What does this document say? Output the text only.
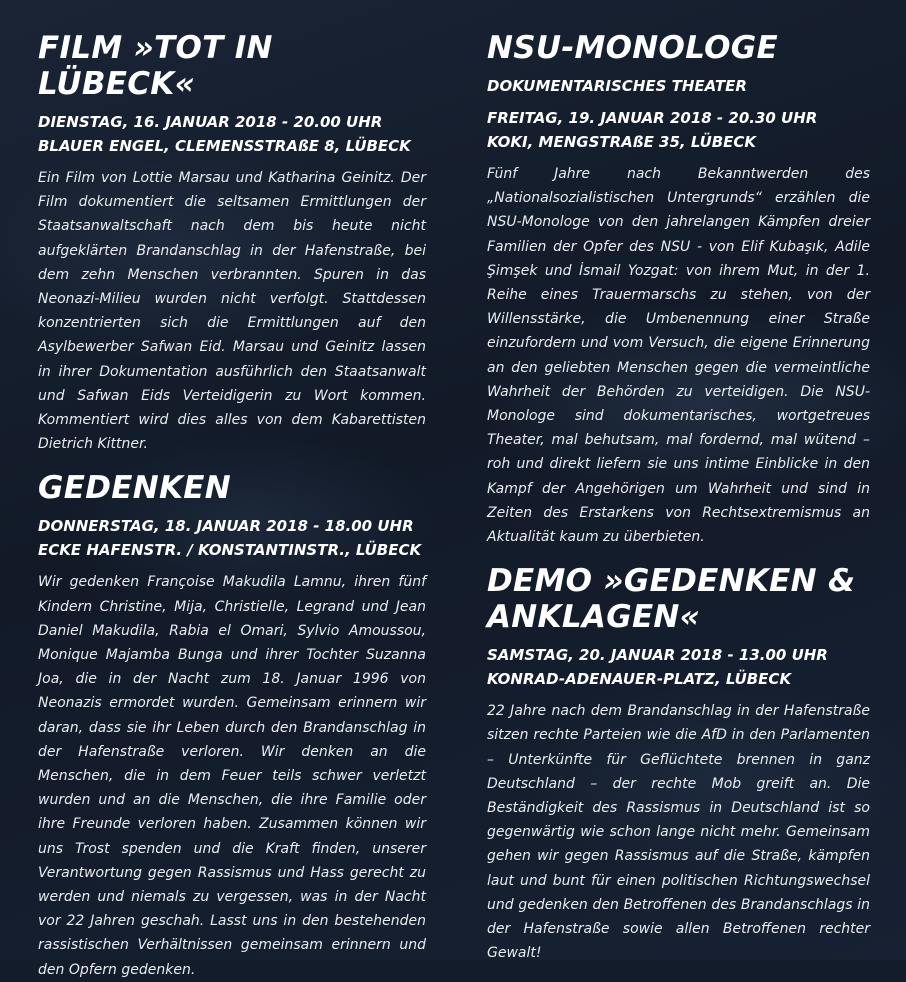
FILM »TOT IN LÜBECK«

DIENSTAG, 16. JANUAR 2018 - 20.00 UHR

BLAUER ENGEL, CLEMENSSTRAßE 8, LÜBECK

Ein Film von Lottie Marsau und Katharina Geinitz. Der Film dokumentiert die seltsamen Ermittlungen der Staatsanwaltschaft nach dem bis heute nicht aufgeklärten Brandanschlag in der Hafenstraße, bei dem zehn Menschen verbrannten. Spuren in das Neonazi-Milieu wurden nicht verfolgt. Stattdessen konzentrierten sich die Ermittlungen auf den Asylbewerber Safwan Eid. Marsau und Geinitz lassen in ihrer Dokumentation ausführlich den Staatsanwalt und Safwan Eids Verteidigerin zu Wort kommen. Kommentiert wird dies alles von dem Kabarettisten Dietrich Kittner.

GEDENKEN

DONNERSTAG, 18. JANUAR 2018 - 18.00 UHR

ECKE HAFENSTR. / KONSTANTINSTR., LÜBECK

Wir gedenken Françoise Makudila Lamnu, ihren fünf Kindern Christine, Mija, Christielle, Legrand und Jean Daniel Makudila, Rabia el Omari, Sylvio Amoussou, Monique Majamba Bunga und ihrer Tochter Suzanna Joa, die in der Nacht zum 18. Januar 1996 von Neonazis ermordet wurden. Gemeinsam erinnern wir daran, dass sie ihr Leben durch den Brandanschlag in der Hafenstraße verloren. Wir denken an die Menschen, die in dem Feuer teils schwer verletzt wurden und an die Menschen, die ihre Familie oder ihre Freunde verloren haben. Zusammen können wir uns Trost spenden und die Kraft finden, unserer Verantwortung gegen Rassismus und Hass gerecht zu werden und niemals zu vergessen, was in der Nacht vor 22 Jahren geschah. Lasst uns in den bestehenden rassistischen Verhältnissen gemeinsam erinnern und den Opfern gedenken.

NSU-MONOLOGE

DOKUMENTARISCHES THEATER

FREITAG, 19. JANUAR 2018 - 20.30 UHR

KOKI, MENGSTRAßE 35, LÜBECK

Fünf Jahre nach Bekanntwerden des „Nationalsozialistischen Untergrunds“ erzählen die NSU-Monologe von den jahrelangen Kämpfen dreier Familien der Opfer des NSU - von Elif Kubaşık, Adile Şimşek und İsmail Yozgat: von ihrem Mut, in der 1. Reihe eines Trauermarschs zu stehen, von der Willensstärke, die Umbenennung einer Straße einzufordern und vom Versuch, die eigene Erinnerung an den geliebten Menschen gegen die vermeintliche Wahrheit der Behörden zu verteidigen. Die NSU-Monologe sind dokumentarisches, wortgetreues Theater, mal behutsam, mal fordernd, mal wütend – roh und direkt liefern sie uns intime Einblicke in den Kampf der Angehörigen um Wahrheit und sind in Zeiten des Erstarkens von Rechtsextremismus an Aktualität kaum zu überbieten.

DEMO »GEDENKEN & ANKLAGEN«

SAMSTAG, 20. JANUAR 2018 - 13.00 UHR

KONRAD-ADENAUER-PLATZ, LÜBECK

22 Jahre nach dem Brandanschlag in der Hafenstraße sitzen rechte Parteien wie die AfD in den Parlamenten – Unterkünfte für Geflüchtete brennen in ganz Deutschland – der rechte Mob greift an. Die Beständigkeit des Rassismus in Deutschland ist so gegenwärtig wie schon lange nicht mehr. Gemeinsam gehen wir gegen Rassismus auf die Straße, kämpfen laut und bunt für einen politischen Richtungswechsel und gedenken den Betroffenen des Brandanschlags in der Hafenstraße sowie allen Betroffenen rechter Gewalt!
